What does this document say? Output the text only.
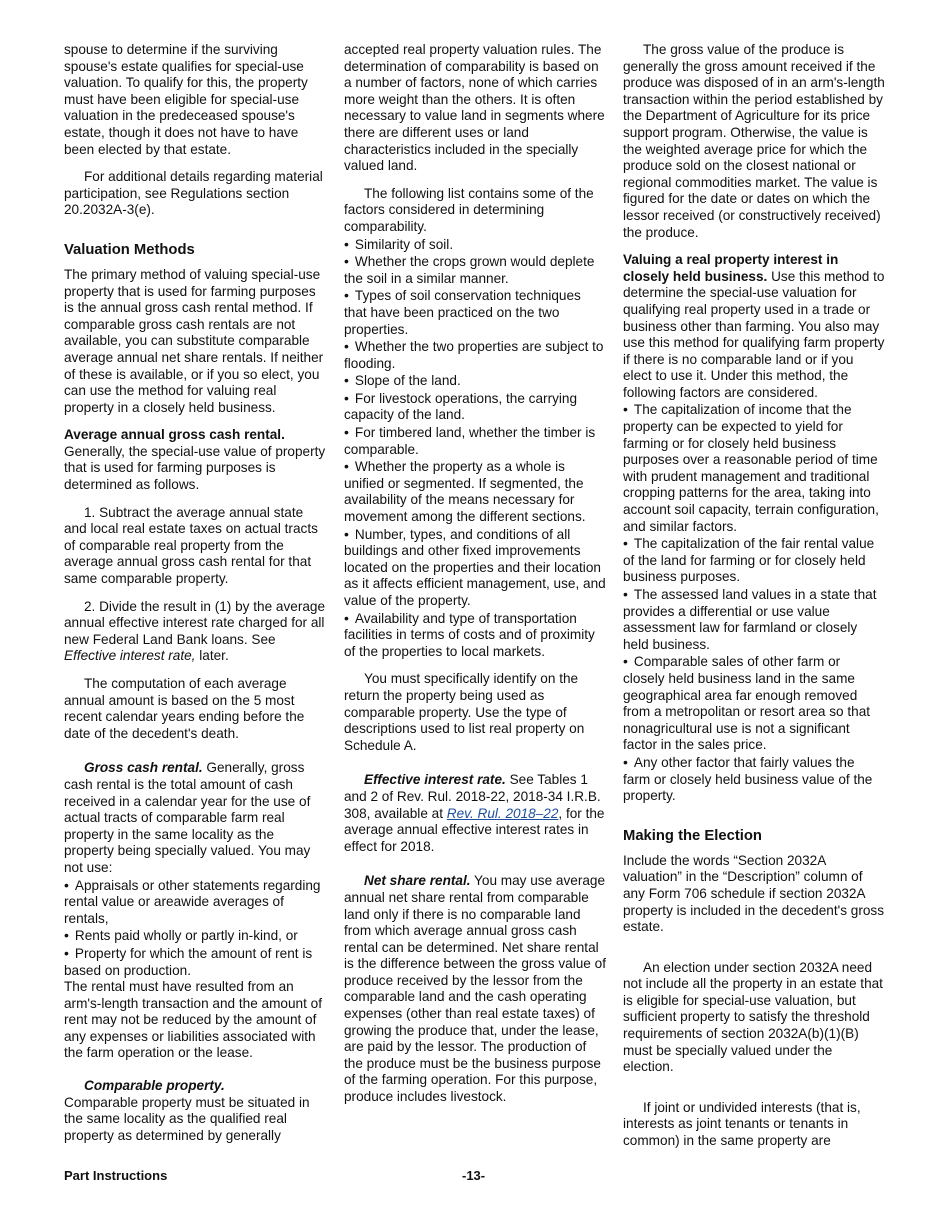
spouse to determine if the surviving spouse's estate qualifies for special-use valuation. To qualify for this, the property must have been eligible for special-use valuation in the predeceased spouse's estate, though it does not have to have been elected by that estate.

For additional details regarding material participation, see Regulations section 20.2032A-3(e).

Valuation Methods

The primary method of valuing special-use property that is used for farming purposes is the annual gross cash rental method. If comparable gross cash rentals are not available, you can substitute comparable average annual net share rentals. If neither of these is available, or if you so elect, you can use the method for valuing real property in a closely held business.

Average annual gross cash rental.
Generally, the special-use value of property that is used for farming purposes is determined as follows.

1. Subtract the average annual state and local real estate taxes on actual tracts of comparable real property from the average annual gross cash rental for that same comparable property.

2. Divide the result in (1) by the average annual effective interest rate charged for all new Federal Land Bank loans. See Effective interest rate, later.

The computation of each average annual amount is based on the 5 most recent calendar years ending before the date of the decedent's death.

Gross cash rental. Generally, gross cash rental is the total amount of cash received in a calendar year for the use of actual tracts of comparable farm real property in the same locality as the property being specially valued. You may not use:

• Appraisals or other statements regarding rental value or areawide averages of rentals,

• Rents paid wholly or partly in-kind, or

• Property for which the amount of rent is based on production.

The rental must have resulted from an arm's-length transaction and the amount of rent may not be reduced by the amount of any expenses or liabilities associated with the farm operation or the lease.

Comparable property.

Comparable property must be situated in the same locality as the qualified real property as determined by generally

accepted real property valuation rules. The determination of comparability is based on a number of factors, none of which carries more weight than the others. It is often necessary to value land in segments where there are different uses or land characteristics included in the specially valued land.

The following list contains some of the factors considered in determining comparability.

• Similarity of soil.

• Whether the crops grown would deplete the soil in a similar manner.

• Types of soil conservation techniques that have been practiced on the two properties.

• Whether the two properties are subject to flooding.

• Slope of the land.

• For livestock operations, the carrying capacity of the land.

• For timbered land, whether the timber is comparable.

• Whether the property as a whole is unified or segmented. If segmented, the availability of the means necessary for movement among the different sections.

• Number, types, and conditions of all buildings and other fixed improvements located on the properties and their location as it affects efficient management, use, and value of the property.

• Availability and type of transportation facilities in terms of costs and of proximity of the properties to local markets.

You must specifically identify on the return the property being used as comparable property. Use the type of descriptions used to list real property on Schedule A.

Effective interest rate. See Tables 1 and 2 of Rev. Rul. 2018-22, 2018-34 I.R.B. 308, available at Rev. Rul. 2018–22, for the average annual effective interest rates in effect for 2018.

Net share rental. You may use average annual net share rental from comparable land only if there is no comparable land from which average annual gross cash rental can be determined. Net share rental is the difference between the gross value of produce received by the lessor from the comparable land and the cash operating expenses (other than real estate taxes) of growing the produce that, under the lease, are paid by the lessor. The production of the produce must be the business purpose of the farming operation. For this purpose, produce includes livestock.

The gross value of the produce is generally the gross amount received if the produce was disposed of in an arm's-length transaction within the period established by the Department of Agriculture for its price support program. Otherwise, the value is the weighted average price for which the produce sold on the closest national or regional commodities market. The value is figured for the date or dates on which the lessor received (or constructively received) the produce.

Valuing a real property interest in closely held business. Use this method to determine the special-use valuation for qualifying real property used in a trade or business other than farming. You also may use this method for qualifying farm property if there is no comparable land or if you elect to use it. Under this method, the following factors are considered.

• The capitalization of income that the property can be expected to yield for farming or for closely held business purposes over a reasonable period of time with prudent management and traditional cropping patterns for the area, taking into account soil capacity, terrain configuration, and similar factors.

• The capitalization of the fair rental value of the land for farming or for closely held business purposes.

• The assessed land values in a state that provides a differential or use value assessment law for farmland or closely held business.

• Comparable sales of other farm or closely held business land in the same geographical area far enough removed from a metropolitan or resort area so that nonagricultural use is not a significant factor in the sales price.

• Any other factor that fairly values the farm or closely held business value of the property.

Making the Election

Include the words “Section 2032A valuation” in the “Description” column of any Form 706 schedule if section 2032A property is included in the decedent's gross estate.

An election under section 2032A need not include all the property in an estate that is eligible for special-use valuation, but sufficient property to satisfy the threshold requirements of section 2032A(b)(1)(B) must be specially valued under the election.

If joint or undivided interests (that is, interests as joint tenants or tenants in common) in the same property are

Part Instructions	-13-
